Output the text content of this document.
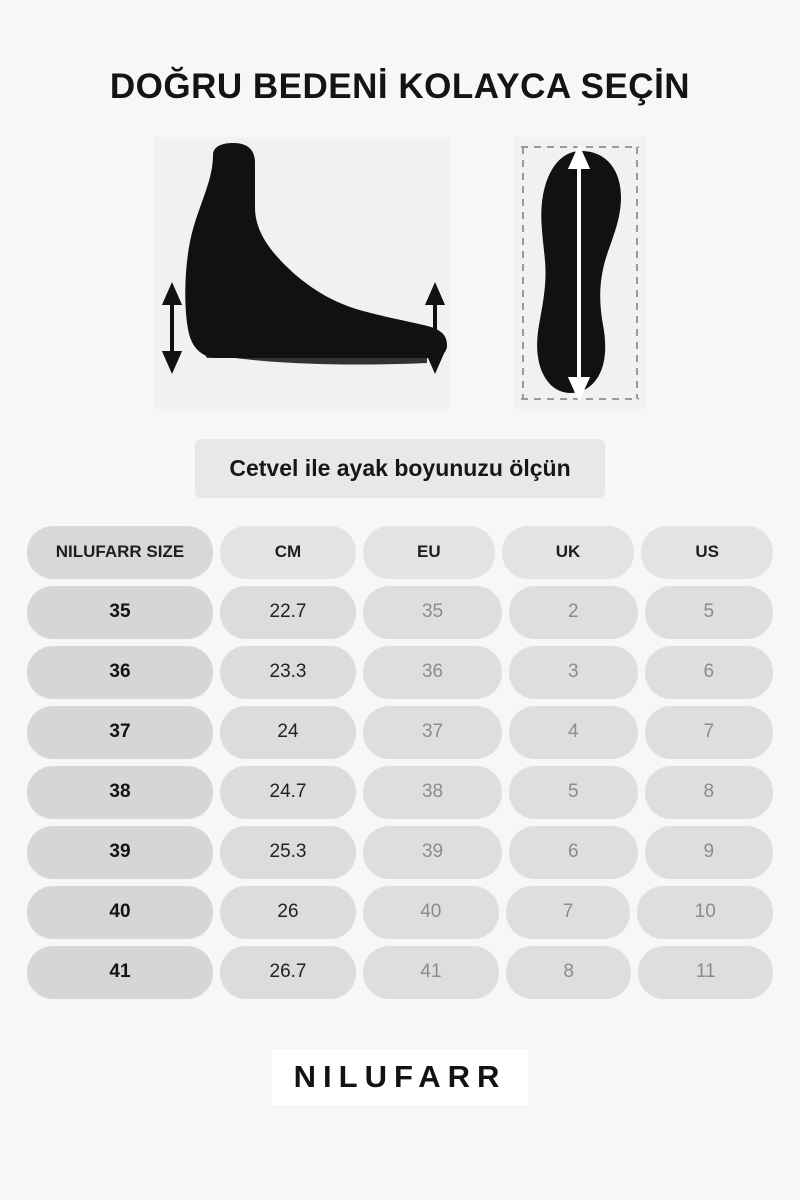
DOĞRU BEDENİ KOLAYCA SEÇİN
Cetvel ile ayak boyunuzu ölçün
NILUFARR SIZE	CM	EU	UK	US
35	22.7	35	2	5
36	23.3	36	3	6
37	24	37	4	7
38	24.7	38	5	8
39	25.3	39	6	9
40	26	40	7	10
41	26.7	41	8	11
NILUFARR
